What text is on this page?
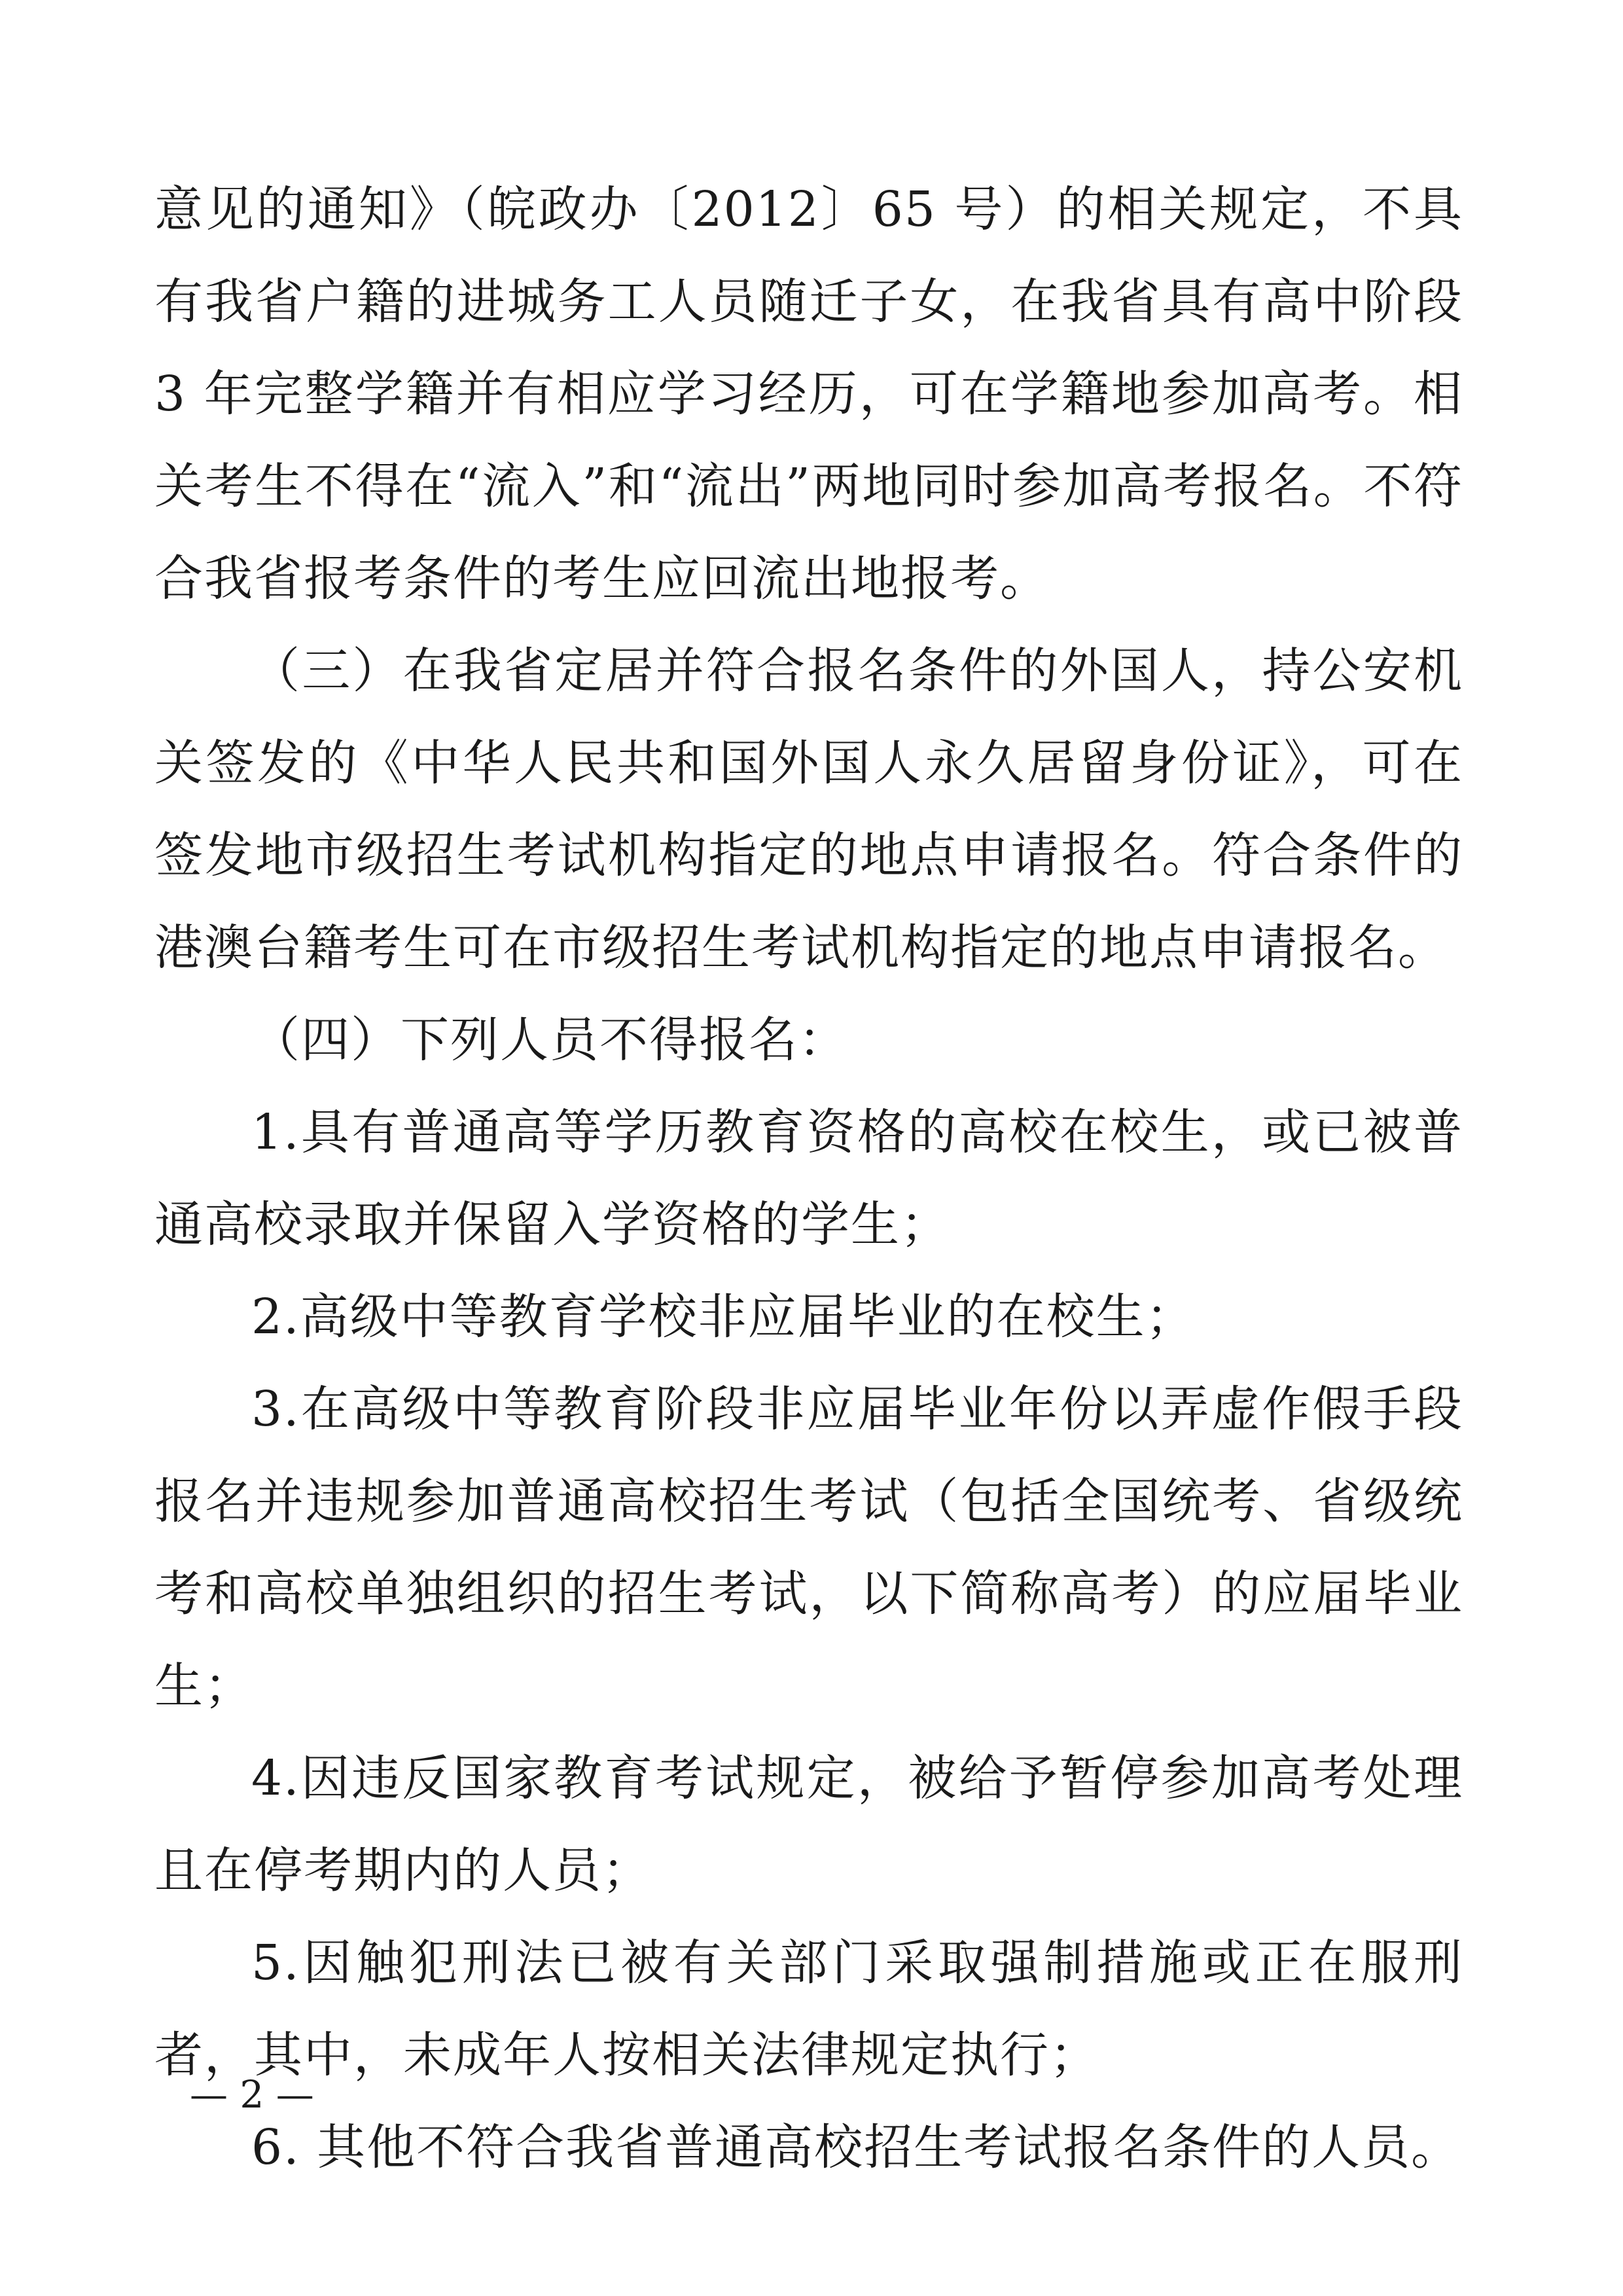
意见的通知》（皖政办〔2012〕65 号）的相关规定，不具有我省户籍的进城务工人员随迁子女，在我省具有高中阶段 3 年完整学籍并有相应学习经历，可在学籍地参加高考。相关考生不得在“流入”和“流出”两地同时参加高考报名。不符合我省报考条件的考生应回流出地报考。

（三）在我省定居并符合报名条件的外国人，持公安机关签发的《中华人民共和国外国人永久居留身份证》，可在签发地市级招生考试机构指定的地点申请报名。符合条件的港澳台籍考生可在市级招生考试机构指定的地点申请报名。

（四）下列人员不得报名：

1.具有普通高等学历教育资格的高校在校生，或已被普通高校录取并保留入学资格的学生；

2.高级中等教育学校非应届毕业的在校生；

3.在高级中等教育阶段非应届毕业年份以弄虚作假手段报名并违规参加普通高校招生考试（包括全国统考、省级统考和高校单独组织的招生考试，以下简称高考）的应届毕业生；

4.因违反国家教育考试规定，被给予暂停参加高考处理且在停考期内的人员；

5.因触犯刑法已被有关部门采取强制措施或正在服刑者，其中，未成年人按相关法律规定执行；

6. 其他不符合我省普通高校招生考试报名条件的人员。

— 2 —
